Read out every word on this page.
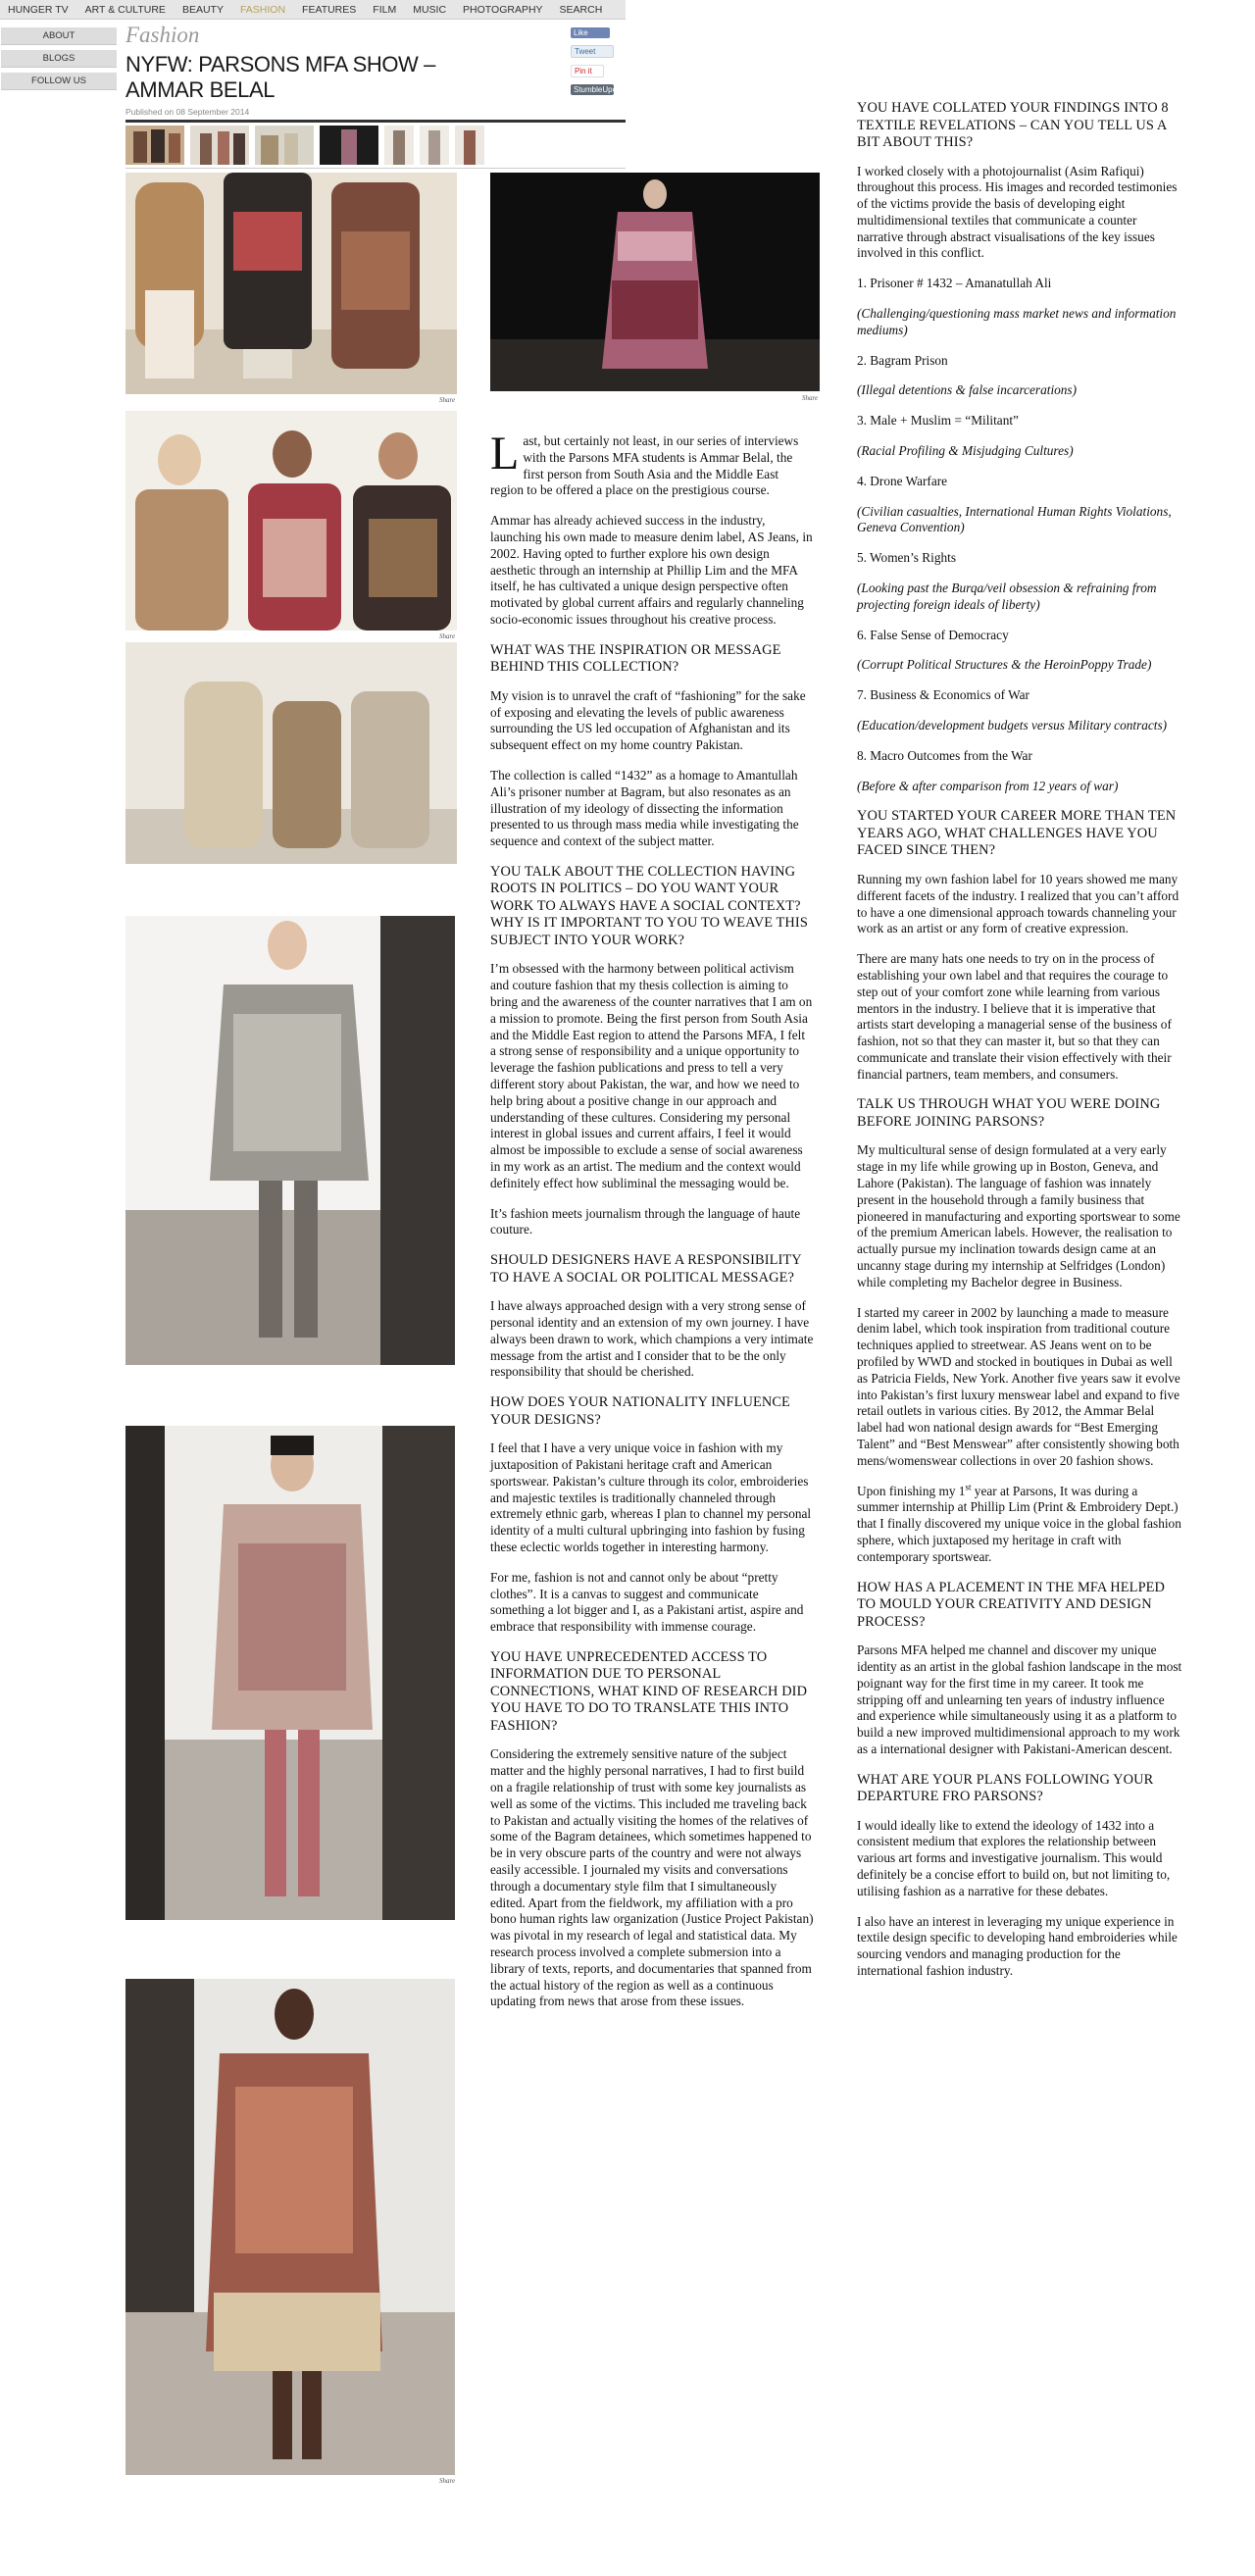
HUNGER TV	ART & CULTURE	BEAUTY	FASHION	FEATURES	FILM	MUSIC	PHOTOGRAPHY	SEARCH
ABOUT
BLOGS
FOLLOW US
Fashion
NYFW: PARSONS MFA SHOW – AMMAR BELAL
Published on 08 September 2014
Like
Tweet
Pin it
StumbleUpon
Share	Share
Share
Share

Last, but certainly not least, in our series of interviews with the Parsons MFA students is Ammar Belal, the first person from South Asia and the Middle East region to be offered a place on the prestigious course.

Ammar has already achieved success in the industry, launching his own made to measure denim label, AS Jeans, in 2002. Having opted to further explore his own design aesthetic through an internship at Phillip Lim and the MFA itself, he has cultivated a unique design perspective often motivated by global current affairs and regularly channeling socio-economic issues throughout his creative process.

WHAT WAS THE INSPIRATION OR MESSAGE BEHIND THIS COLLECTION?

My vision is to unravel the craft of “fashioning” for the sake of exposing and elevating the levels of public awareness surrounding the US led occupation of Afghanistan and its subsequent effect on my home country Pakistan.

The collection is called “1432” as a homage to Amantullah Ali’s prisoner number at Bagram, but also resonates as an illustration of my ideology of dissecting the information presented to us through mass media while investigating the sequence and context of the subject matter.

YOU TALK ABOUT THE COLLECTION HAVING ROOTS IN POLITICS – DO YOU WANT YOUR WORK TO ALWAYS HAVE A SOCIAL CONTEXT? WHY IS IT IMPORTANT TO YOU TO WEAVE THIS SUBJECT INTO YOUR WORK?

I’m obsessed with the harmony between political activism and couture fashion that my thesis collection is aiming to bring and the awareness of the counter narratives that I am on a mission to promote. Being the first person from South Asia and the Middle East region to attend the Parsons MFA, I felt a strong sense of responsibility and a unique opportunity to leverage the fashion publications and press to tell a very different story about Pakistan, the war, and how we need to help bring about a positive change in our approach and understanding of these cultures. Considering my personal interest in global issues and current affairs, I feel it would almost be impossible to exclude a sense of social awareness in my work as an artist. The medium and the context would definitely effect how subliminal the messaging would be.

It’s fashion meets journalism through the language of haute couture.

SHOULD DESIGNERS HAVE A RESPONSIBILITY TO HAVE A SOCIAL OR POLITICAL MESSAGE?

I have always approached design with a very strong sense of personal identity and an extension of my own journey. I have always been drawn to work, which champions a very intimate message from the artist and I consider that to be the only responsibility that should be cherished.

HOW DOES YOUR NATIONALITY INFLUENCE YOUR DESIGNS?

I feel that I have a very unique voice in fashion with my juxtaposition of Pakistani heritage craft and American sportswear. Pakistan’s culture through its color, embroideries and majestic textiles is traditionally channeled through extremely ethnic garb, whereas I plan to channel my personal identity of a multi cultural upbringing into fashion by fusing these eclectic worlds together in interesting harmony.

For me, fashion is not and cannot only be about “pretty clothes”. It is a canvas to suggest and communicate something a lot bigger and I, as a Pakistani artist, aspire and embrace that responsibility with immense courage.

YOU HAVE UNPRECEDENTED ACCESS TO INFORMATION DUE TO PERSONAL CONNECTIONS, WHAT KIND OF RESEARCH DID YOU HAVE TO DO TO TRANSLATE THIS INTO FASHION?

Considering the extremely sensitive nature of the subject matter and the highly personal narratives, I had to first build on a fragile relationship of trust with some key journalists as well as some of the victims. This included me traveling back to Pakistan and actually visiting the homes of the relatives of some of the Bagram detainees, which sometimes happened to be in very obscure parts of the country and were not always easily accessible. I journaled my visits and conversations through a documentary style film that I simultaneously edited. Apart from the fieldwork, my affiliation with a pro bono human rights law organization (Justice Project Pakistan) was pivotal in my research of legal and statistical data. My research process involved a complete submersion into a library of texts, reports, and documentaries that spanned from the actual history of the region as well as a continuous updating from news that arose from these issues.

YOU HAVE COLLATED YOUR FINDINGS INTO 8 TEXTILE REVELATIONS – CAN YOU TELL US A BIT ABOUT THIS?

I worked closely with a photojournalist (Asim Rafiqui) throughout this process. His images and recorded testimonies of the victims provide the basis of developing eight multidimensional textiles that communicate a counter narrative through abstract visualisations of the key issues involved in this conflict.

1. Prisoner # 1432 – Amanatullah Ali

(Challenging/questioning mass market news and information mediums)

2. Bagram Prison

(Illegal detentions & false incarcerations)

3. Male + Muslim = “Militant”

(Racial Profiling & Misjudging Cultures)

4. Drone Warfare

(Civilian casualties, International Human Rights Violations, Geneva Convention)

5. Women’s Rights

(Looking past the Burqa/veil obsession & refraining from projecting foreign ideals of liberty)

6. False Sense of Democracy

(Corrupt Political Structures & the HeroinPoppy Trade)

7. Business & Economics of War

(Education/development budgets versus Military contracts)

8. Macro Outcomes from the War

(Before & after comparison from 12 years of war)

YOU STARTED YOUR CAREER MORE THAN TEN YEARS AGO, WHAT CHALLENGES HAVE YOU FACED SINCE THEN?

Running my own fashion label for 10 years showed me many different facets of the industry. I realized that you can’t afford to have a one dimensional approach towards channeling your work as an artist or any form of creative expression.

There are many hats one needs to try on in the process of establishing your own label and that requires the courage to step out of your comfort zone while learning from various mentors in the industry. I believe that it is imperative that artists start developing a managerial sense of the business of fashion, not so that they can master it, but so that they can communicate and translate their vision effectively with their financial partners, team members, and consumers.

TALK US THROUGH WHAT YOU WERE DOING BEFORE JOINING PARSONS?

My multicultural sense of design formulated at a very early stage in my life while growing up in Boston, Geneva, and Lahore (Pakistan). The language of fashion was innately present in the household through a family business that pioneered in manufacturing and exporting sportswear to some of the premium American labels. However, the realisation to actually pursue my inclination towards design came at an uncanny stage during my internship at Selfridges (London) while completing my Bachelor degree in Business.

I started my career in 2002 by launching a made to measure denim label, which took inspiration from traditional couture techniques applied to streetwear. AS Jeans went on to be profiled by WWD and stocked in boutiques in Dubai as well as Patricia Fields, New York. Another five years saw it evolve into Pakistan’s first luxury menswear label and expand to five retail outlets in various cities. By 2012, the Ammar Belal label had won national design awards for “Best Emerging Talent” and “Best Menswear” after consistently showing both mens/womenswear collections in over 20 fashion shows.

Upon finishing my 1st year at Parsons, It was during a summer internship at Phillip Lim (Print & Embroidery Dept.) that I finally discovered my unique voice in the global fashion sphere, which juxtaposed my heritage in craft with contemporary sportswear.

HOW HAS A PLACEMENT IN THE MFA HELPED TO MOULD YOUR CREATIVITY AND DESIGN PROCESS?

Parsons MFA helped me channel and discover my unique identity as an artist in the global fashion landscape in the most poignant way for the first time in my career. It took me stripping off and unlearning ten years of industry influence and experience while simultaneously using it as a platform to build a new improved multidimensional approach to my work as a international designer with Pakistani-American descent.

WHAT ARE YOUR PLANS FOLLOWING YOUR DEPARTURE FRO PARSONS?

I would ideally like to extend the ideology of 1432 into a consistent medium that explores the relationship between various art forms and investigative journalism. This would definitely be a concise effort to build on, but not limiting to, utilising fashion as a narrative for these debates.

I also have an interest in leveraging my unique experience in textile design specific to developing hand embroideries while sourcing vendors and managing production for the international fashion industry.
